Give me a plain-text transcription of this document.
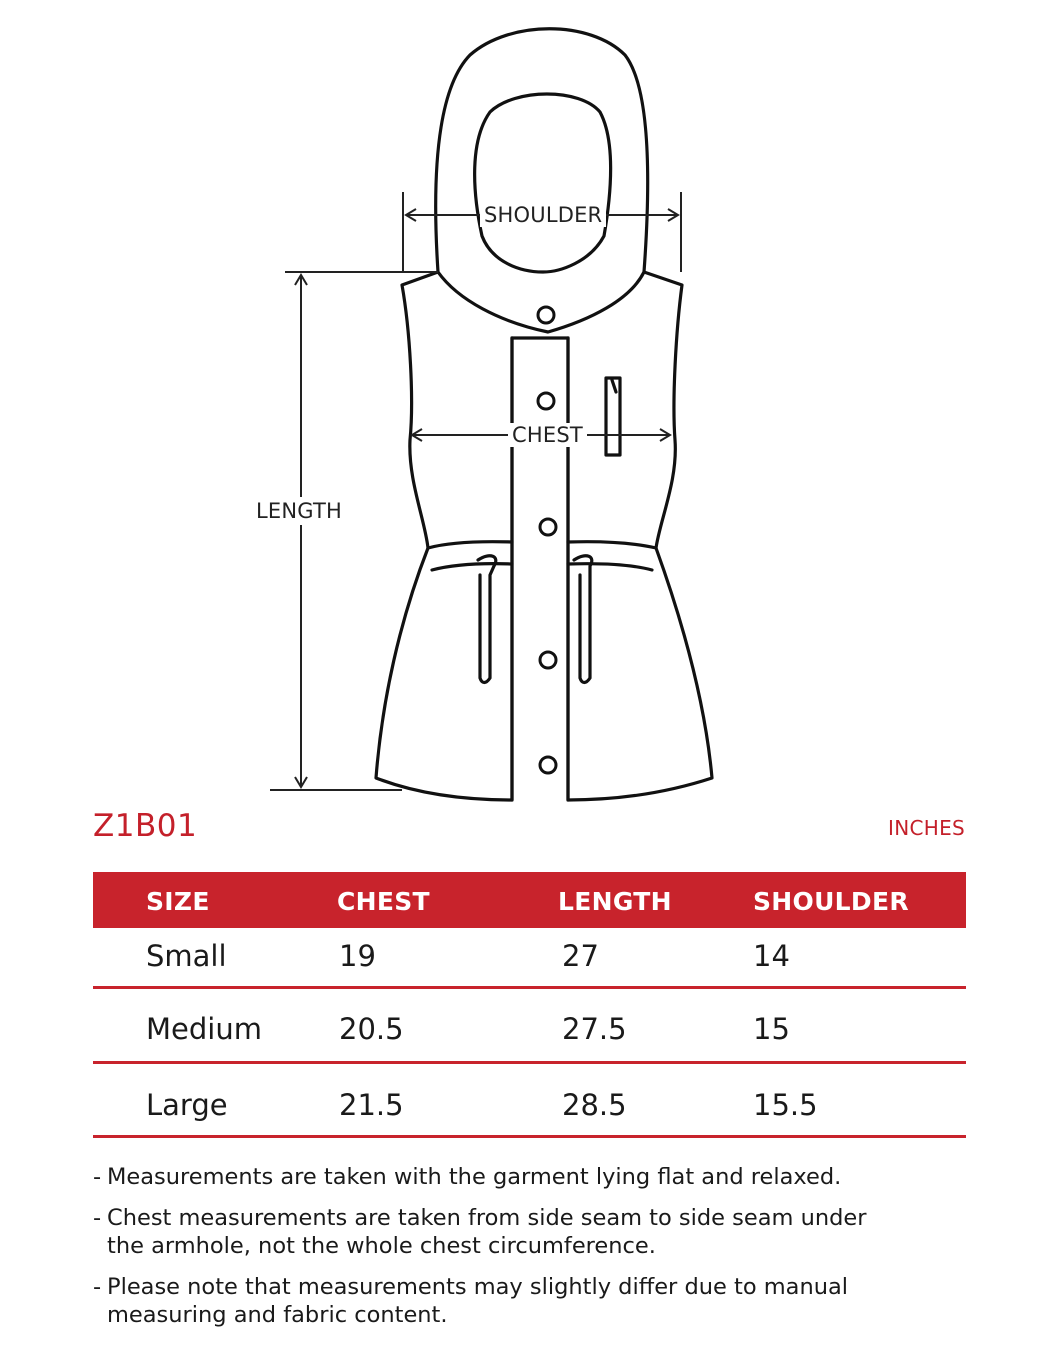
SHOULDER
CHEST
LENGTH
Z1B01	INCHES
SIZE	CHEST	LENGTH	SHOULDER
Small	19	27	14
Medium	20.5	27.5	15
Large	21.5	28.5	15.5
- Measurements are taken with the garment lying flat and relaxed.
- Chest measurements are taken from side seam to side seam under the armhole, not the whole chest circumference.
- Please note that measurements may slightly differ due to manual measuring and fabric content.
